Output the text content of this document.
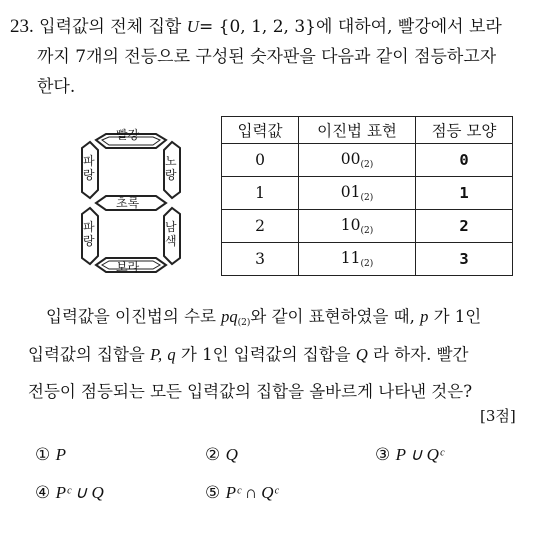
23. 입력값의 전체 집합 U= {0, 1, 2, 3}에 대하여, 빨강에서 보라
까지 7개의 전등으로 구성된 숫자판을 다음과 같이 점등하고자
한다.
빨강
파랑
노랑
초록
파랑
남색
보라
입력값	이진법 표현	점등 모양
0	$00_{(2)}$	0
1	$01_{(2)}$	1
2	$10_{(2)}$	2
3	$11_{(2)}$	3
입력값을 이진법의 수로 $pq_{(2)}$와 같이 표현하였을 때, p 가 1인
입력값의 집합을 P, q 가 1인 입력값의 집합을 Q 라 하자. 빨간
전등이 점등되는 모든 입력값의 집합을 올바르게 나타낸 것은?
[3점]
① P	② Q	③ P ∪ Qᶜ
④ Pᶜ ∪ Q	⑤ Pᶜ ∩ Qᶜ
